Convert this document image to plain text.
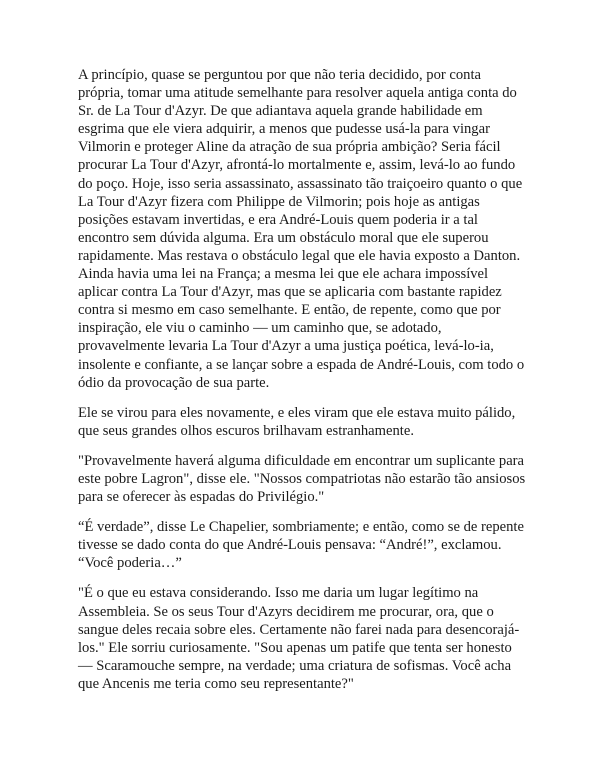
A princípio, quase se perguntou por que não teria decidido, por conta própria, tomar uma atitude semelhante para resolver aquela antiga conta do Sr. de La Tour d'Azyr. De que adiantava aquela grande habilidade em esgrima que ele viera adquirir, a menos que pudesse usá-la para vingar Vilmorin e proteger Aline da atração de sua própria ambição? Seria fácil procurar La Tour d'Azyr, afrontá-lo mortalmente e, assim, levá-lo ao fundo do poço. Hoje, isso seria assassinato, assassinato tão traiçoeiro quanto o que La Tour d'Azyr fizera com Philippe de Vilmorin; pois hoje as antigas posições estavam invertidas, e era André-Louis quem poderia ir a tal encontro sem dúvida alguma. Era um obstáculo moral que ele superou rapidamente. Mas restava o obstáculo legal que ele havia exposto a Danton. Ainda havia uma lei na França; a mesma lei que ele achara impossível aplicar contra La Tour d'Azyr, mas que se aplicaria com bastante rapidez contra si mesmo em caso semelhante. E então, de repente, como que por inspiração, ele viu o caminho — um caminho que, se adotado, provavelmente levaria La Tour d'Azyr a uma justiça poética, levá-lo-ia, insolente e confiante, a se lançar sobre a espada de André-Louis, com todo o ódio da provocação de sua parte.

Ele se virou para eles novamente, e eles viram que ele estava muito pálido, que seus grandes olhos escuros brilhavam estranhamente.

"Provavelmente haverá alguma dificuldade em encontrar um suplicante para este pobre Lagron", disse ele. "Nossos compatriotas não estarão tão ansiosos para se oferecer às espadas do Privilégio."

“É verdade”, disse Le Chapelier, sombriamente; e então, como se de repente tivesse se dado conta do que André-Louis pensava: “André!”, exclamou. “Você poderia…”

"É o que eu estava considerando. Isso me daria um lugar legítimo na Assembleia. Se os seus Tour d'Azyrs decidirem me procurar, ora, que o sangue deles recaia sobre eles. Certamente não farei nada para desencorajá-los." Ele sorriu curiosamente. "Sou apenas um patife que tenta ser honesto — Scaramouche sempre, na verdade; uma criatura de sofismas. Você acha que Ancenis me teria como seu representante?"
